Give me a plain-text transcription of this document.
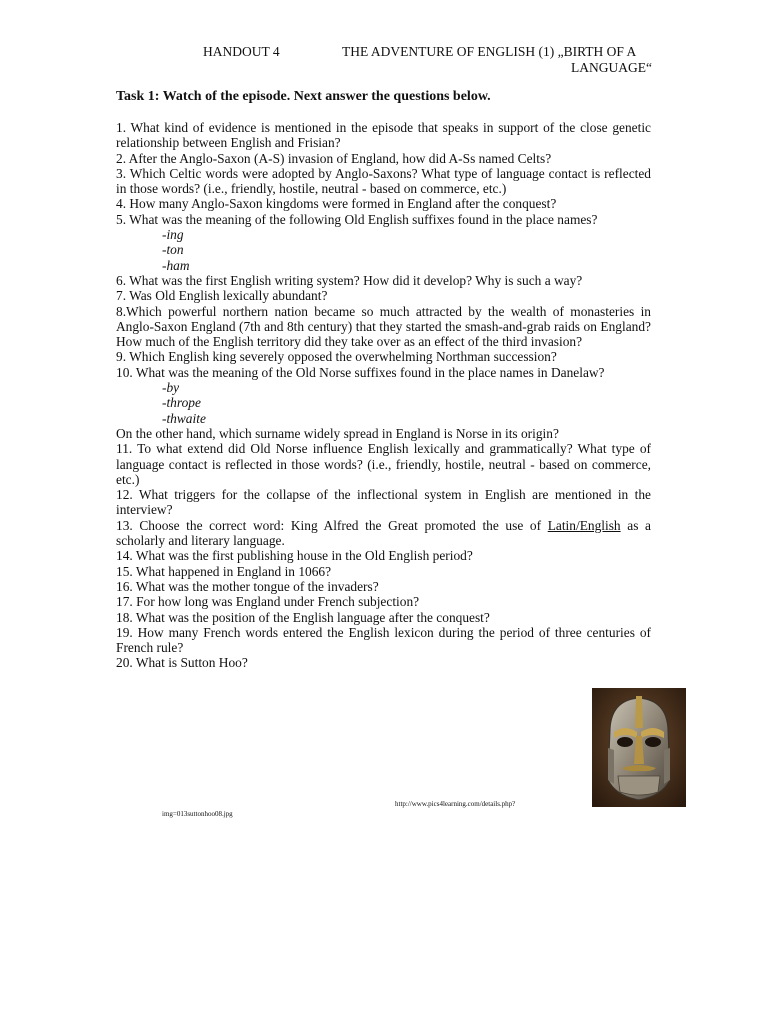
HANDOUT 4	THE ADVENTURE OF ENGLISH (1) „BIRTH OF A
LANGUAGE“
Task 1: Watch of the episode. Next answer the questions below.
1. What kind of evidence is mentioned in the episode that speaks in support of the close genetic relationship between English and Frisian?
2. After the Anglo-Saxon (A-S) invasion of England, how did A-Ss named Celts?
3. Which Celtic words were adopted by Anglo-Saxons? What type of language contact is reflected in those words? (i.e., friendly, hostile, neutral - based on commerce, etc.)
4. How many Anglo-Saxon kingdoms were formed in England after the conquest?
5. What was the meaning of the following Old English suffixes found in the place names?
-ing
-ton
-ham
6. What was the first English writing system? How did it develop? Why is such a way?
7. Was Old English lexically abundant?
8.Which powerful northern nation became so much attracted by the wealth of monasteries in Anglo-Saxon England (7th and 8th century) that they started the smash-and-grab raids on England? How much of the English territory did they take over as an effect of the third invasion?
9. Which English king severely opposed the overwhelming Northman succession?
10. What was the meaning of the Old Norse suffixes found in the place names in Danelaw?
-by
-thrope
-thwaite
On the other hand, which surname widely spread in England is Norse in its origin?
11. To what extend did Old Norse influence English lexically and grammatically? What type of language contact is reflected in those words? (i.e., friendly, hostile, neutral - based on commerce, etc.)
12. What triggers for the collapse of the inflectional system in English are mentioned in the interview?
13. Choose the correct word: King Alfred the Great promoted the use of Latin/English as a scholarly and literary language.
14. What was the first publishing house in the Old English period?
15. What happened in England in 1066?
16. What was the mother tongue of the invaders?
17. For how long was England under French subjection?
18. What was the position of the English language after the conquest?
19. How many French words entered the English lexicon during the period of three centuries of French rule?
20. What is Sutton Hoo?
http://www.pics4learning.com/details.php?
img=013suttonhoo08.jpg
